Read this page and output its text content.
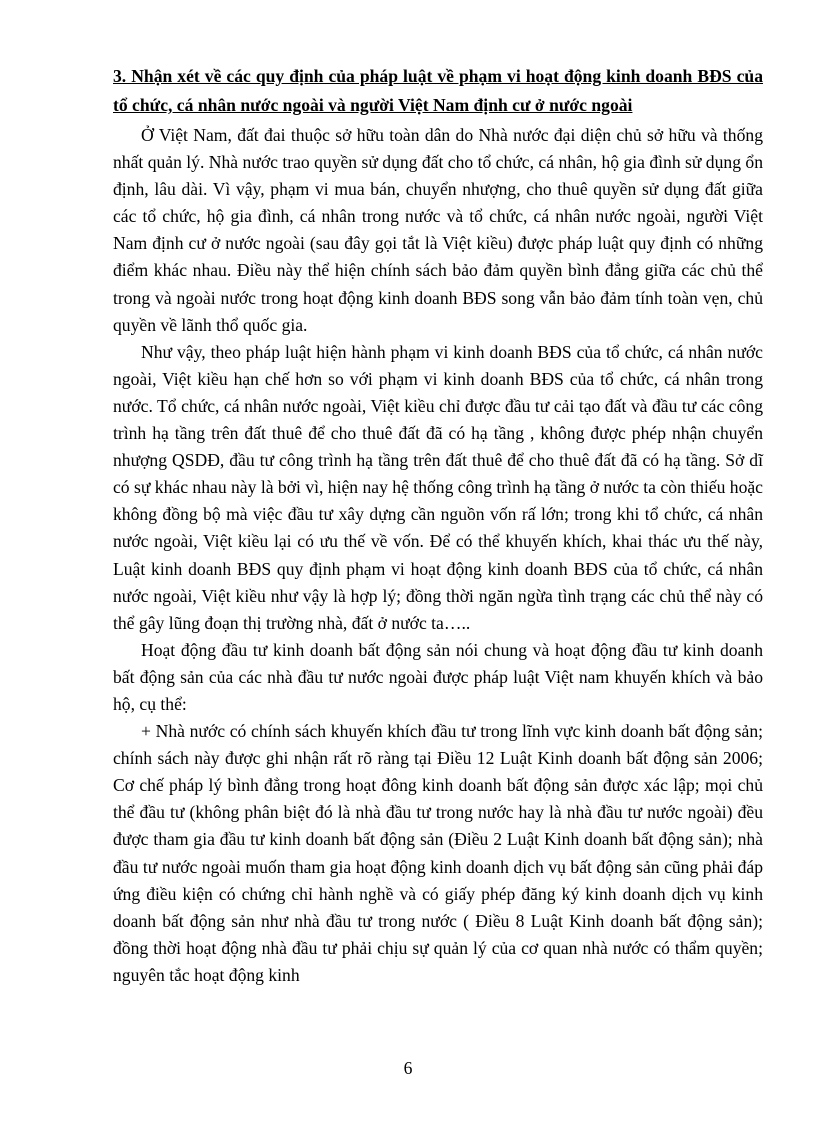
3. Nhận xét về các quy định của pháp luật về phạm vi hoạt động kinh doanh BĐS của tổ chức, cá nhân nước ngoài và người Việt Nam định cư ở nước ngoài

Ở Việt Nam, đất đai thuộc sở hữu toàn dân do Nhà nước đại diện chủ sở hữu và thống nhất quản lý. Nhà nước trao quyền sử dụng đất cho tổ chức, cá nhân, hộ gia đình sử dụng ổn định, lâu dài. Vì vậy, phạm vi mua bán, chuyển nhượng, cho thuê quyền sử dụng đất giữa các tổ chức, hộ gia đình, cá nhân trong nước và tổ chức, cá nhân nước ngoài, người Việt Nam định cư ở nước ngoài (sau đây gọi tắt là Việt kiều) được pháp luật quy định có những điểm khác nhau. Điều này thể hiện chính sách bảo đảm quyền bình đẳng giữa các chủ thể trong và ngoài nước trong hoạt động kinh doanh BĐS song vẫn bảo đảm tính toàn vẹn, chủ quyền về lãnh thổ quốc gia.

Như vậy, theo pháp luật hiện hành phạm vi kinh doanh BĐS của tổ chức, cá nhân nước ngoài, Việt kiều hạn chế hơn so với phạm vi kinh doanh BĐS của tổ chức, cá nhân trong nước. Tổ chức, cá nhân nước ngoài, Việt kiều chỉ được đầu tư cải tạo đất và đầu tư các công trình hạ tầng trên đất thuê để cho thuê đất đã có hạ tầng , không được phép nhận chuyển nhượng QSDĐ, đầu tư công trình hạ tầng trên đất thuê để cho thuê đất đã có hạ tầng. Sở dĩ có sự khác nhau này là bởi vì, hiện nay hệ thống công trình hạ tầng ở nước ta còn thiếu hoặc không đồng bộ mà việc đầu tư xây dựng cần nguồn vốn rấ lớn; trong khi tổ chức, cá nhân nước ngoài, Việt kiều lại có ưu thế về vốn. Để có thể khuyến khích, khai thác ưu thế này, Luật kinh doanh BĐS quy định phạm vi hoạt động kinh doanh BĐS của tổ chức, cá nhân nước ngoài, Việt kiều như vậy là hợp lý; đồng thời ngăn ngừa tình trạng các chủ thể này có thể gây lũng đoạn thị trường nhà, đất ở nước ta…..

Hoạt động đầu tư kinh doanh bất động sản nói chung và hoạt động đầu tư kinh doanh bất động sản của các nhà đầu tư nước ngoài được pháp luật Việt nam khuyến khích và bảo hộ, cụ thể:

+ Nhà nước có chính sách khuyến khích đầu tư trong lĩnh vực kinh doanh bất động sản; chính sách này được ghi nhận rất rõ ràng tại Điều 12 Luật Kinh doanh bất động sản 2006; Cơ chế pháp lý bình đẳng trong hoạt đông kinh doanh bất động sản được xác lập; mọi chủ thể đầu tư (không phân biệt đó là nhà đầu tư trong nước hay là nhà đầu tư nước ngoài) đều được tham gia đầu tư kinh doanh bất động sản (Điều 2 Luật Kinh doanh bất động sản); nhà đầu tư nước ngoài muốn tham gia hoạt động kinh doanh dịch vụ bất động sản cũng phải đáp ứng điều kiện có chứng chỉ hành nghề và có giấy phép đăng ký kinh doanh dịch vụ kinh doanh bất động sản như nhà đầu tư trong nước ( Điều 8 Luật Kinh doanh bất động sản); đồng thời hoạt động nhà đầu tư phải chịu sự quản lý của cơ quan nhà nước có thẩm quyền; nguyên tắc hoạt động kinh

6
